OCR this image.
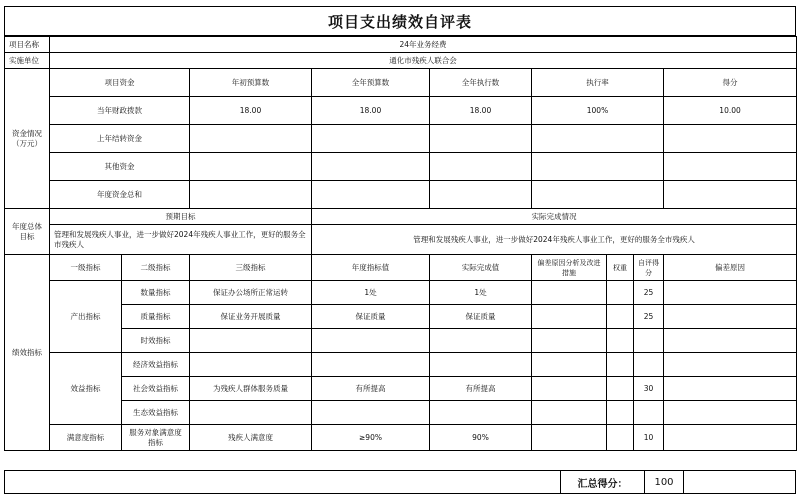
项目支出绩效自评表
项目名称	24年业务经费								
实施单位	通化市残疾人联合会								
资金情况
（万元）	项目资金		年初预算数	全年预算数	全年执行数	执行率			得分
	当年财政拨款		18.00	18.00	18.00	100%			10.00
	上年结转资金								
	其他资金								
	年度资金总和								
年度总体目标	预期目标			实际完成情况					
	管理和发展残疾人事业，进一步做好2024年残疾人事业工作，更好的服务全市残疾人			管理和发展残疾人事业，进一步做好2024年残疾人事业工作，更好的服务全市残疾人					
绩效指标	一级指标	二级指标	三级指标	年度指标值	实际完成值	偏差原因分析及改进措施	权重	自评得分	偏差原因
	产出指标	数量指标	保证办公场所正常运转	1处	1处			25	
		质量指标	保证业务开展质量	保证质量	保证质量			25	
		时效指标							
	效益指标	经济效益指标							
		社会效益指标	为残疾人群体服务质量	有所提高	有所提高			30	
		生态效益指标							
	满意度指标	服务对象满意度指标	残疾人满意度	≥90%	90%			10	
汇总得分：	100
